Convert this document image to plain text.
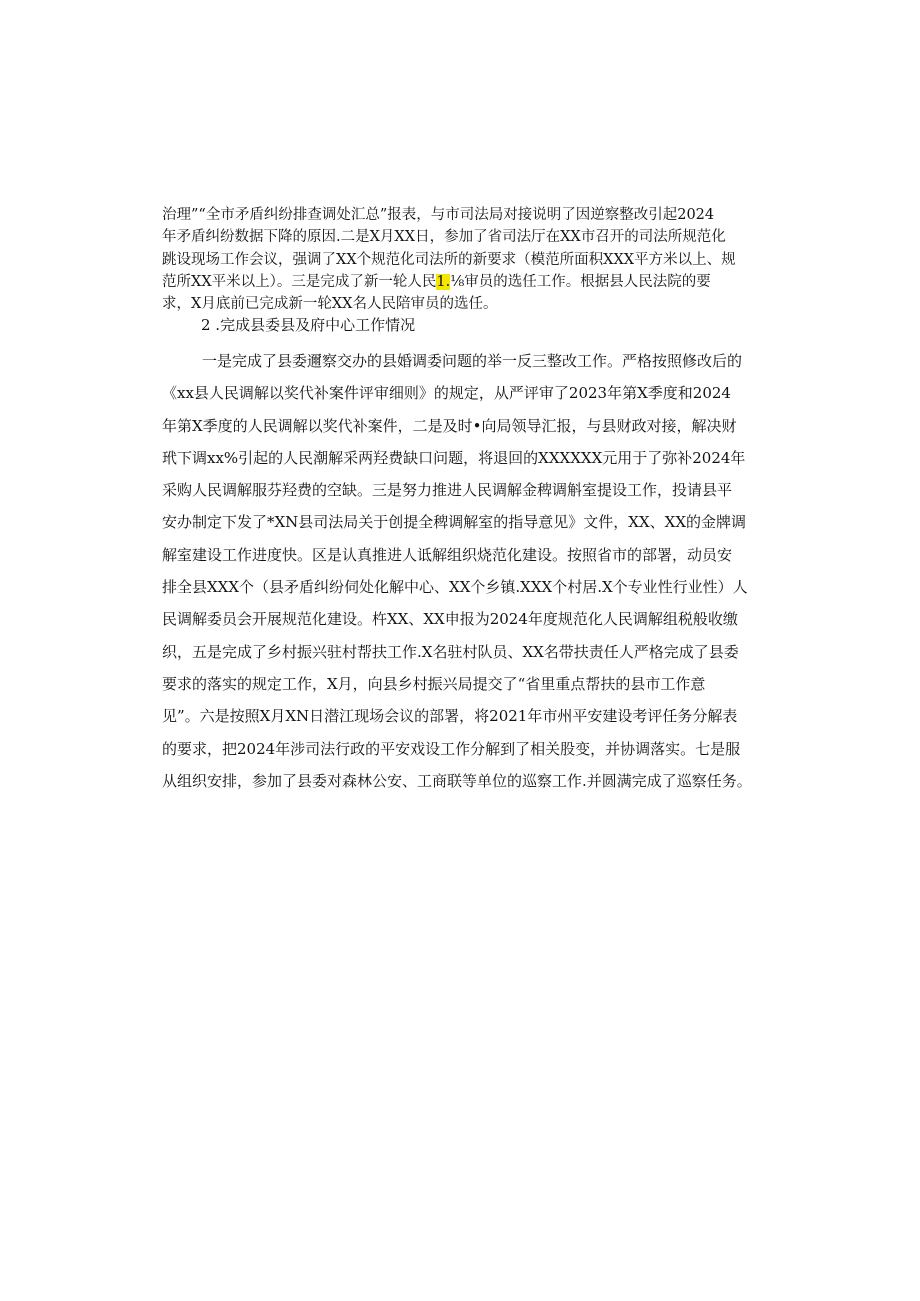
治理”“全市矛盾纠纷排查调处汇总”报表，与市司法局对接说明了因逆察整改引起2024
年矛盾纠纷数据下降的原因.二是X月XX日，参加了省司法厅在XX市召开的司法所规范化
跳设现场工作会议，强调了XX个规范化司法所的新要求（模范所面积XXX平方米以上、规
范所XX平米以上）。三是完成了新一轮人民1.⅛审员的选任工作。根据县人民法院的要
求，X月底前已完成新一轮XX名人民陪审员的选任。
2 .完成县委县及府中心工作情况
一是完成了县委邇察交办的县婚调委问题的举一反三整改工作。严格按照修改后的
《xx县人民调解以奖代补案件评审细则》的规定，从严评审了2023年第X季度和2024
年第X季度的人民调解以奖代补案件，二是及时•向局领导汇报，与县财政对接，解决财
玳下调xx%引起的人民潮解采两羟费缺口问题，将退回的XXXXXX元用于了弥补2024年
采购人民调解服芬羟费的空缺。三是努力推进人民调解金稗调斛室提设工作，投请县平
安办制定下发了*XN县司法局关于创提全稗调解室的指导意见》文件，XX、XX的金牌调
解室建设工作进度快。区是认真推进人诋解组织烧范化建设。按照省市的部署，动员安
排全县XXX个（县矛盾纠纷伺处化解中心、XX个乡镇.XXX个村居.X个专业性行业性）人
民调解委员会开展规范化建设。杵XX、XX申报为2024年度规范化人民调解组税般收缴
织，五是完成了乡村振兴驻村帮扶工作.X名驻村队员、XX名带扶责任人严格完成了县委
要求的落实的规定工作，X月，向县乡村振兴局提交了“省里重点帮扶的县市工作意
见”。六是按照X月XN日潜江现场会议的部署，将2021年市州平安建设考评任务分解表
的要求，把2024年涉司法行政的平安戏设工作分解到了相关股变，并协调落实。七是服
从组织安排，参加了县委对森林公安、工商联等单位的巡察工作.并圆满完成了巡察任务。
